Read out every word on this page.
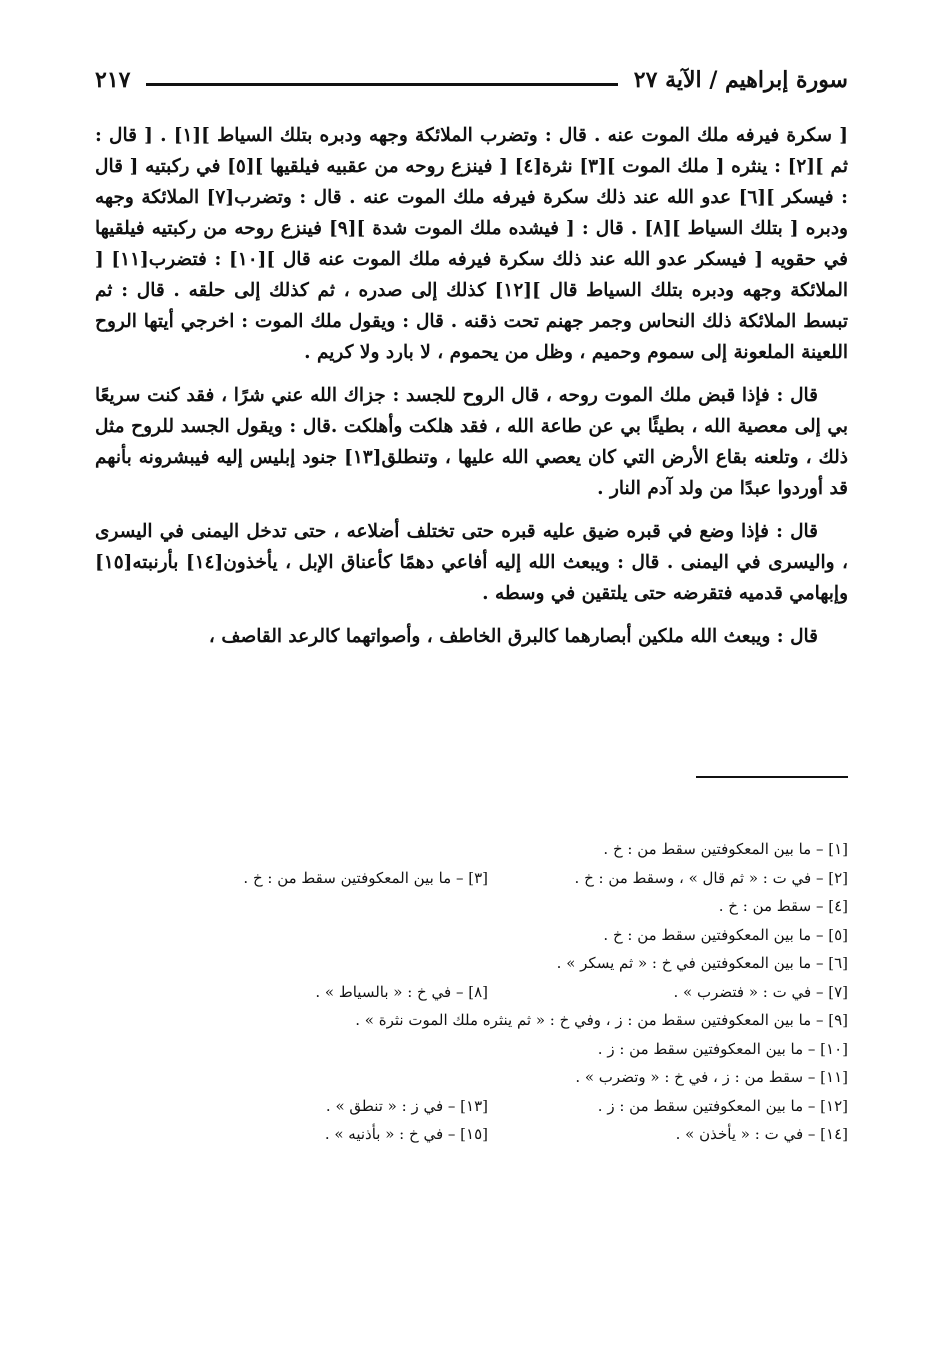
سورة إبراهيم / الآية ٢٧
٢١٧

[ سكرة فيرفه ملك الموت عنه . قال : وتضرب الملائكة وجهه ودبره بتلك السياط ][١] . [ قال : ثم ][٢] : ينثره [ ملك الموت ][٣] نثرة[٤] [ فينزع روحه من عقبيه فيلقيها ][٥] في ركبتيه [ قال : فيسكر ][٦] عدو الله عند ذلك سكرة فيرفه ملك الموت عنه . قال : وتضرب[٧] الملائكة وجهه ودبره [ بتلك السياط ][٨] . قال : [ فيشده ملك الموت شدة ][٩] فينزع روحه من ركبتيه فيلقيها في حقويه [ فيسكر عدو الله عند ذلك سكرة فيرفه ملك الموت عنه قال ][١٠] : فتضرب[١١] [ الملائكة وجهه ودبره بتلك السياط قال ][١٢] كذلك إلى صدره ، ثم كذلك إلى حلقه . قال : ثم تبسط الملائكة ذلك النحاس وجمر جهنم تحت ذقنه . قال : ويقول ملك الموت : اخرجي أيتها الروح اللعينة الملعونة إلى سموم وحميم ، وظل من يحموم ، لا بارد ولا كريم .

قال : فإذا قبض ملك الموت روحه ، قال الروح للجسد : جزاك الله عني شرًا ، فقد كنت سريعًا بي إلى معصية الله ، بطيئًا بي عن طاعة الله ، فقد هلكت وأهلكت .قال : ويقول الجسد للروح مثل ذلك ، وتلعنه بقاع الأرض التي كان يعصي الله عليها ، وتنطلق[١٣] جنود إبليس إليه فيبشرونه بأنهم قد أوردوا عبدًا من ولد آدم النار .

قال : فإذا وضع في قبره ضيق عليه قبره حتى تختلف أضلاعه ، حتى تدخل اليمنى في اليسرى ، واليسرى في اليمنى . قال : ويبعث الله إليه أفاعي دهمًا كأعناق الإبل ، يأخذون[١٤] بأرنبته[١٥] وإبهامي قدميه فتقرضه حتى يلتقين في وسطه .

قال : ويبعث الله ملكين أبصارهما كالبرق الخاطف ، وأصواتهما كالرعد القاصف ،

[١] – ما بين المعكوفتين سقط من : خ .
[٢] – في ت : « ثم قال » ، وسقط من : خ .
[٣] – ما بين المعكوفتين سقط من : خ .
[٤] – سقط من : خ .
[٥] – ما بين المعكوفتين سقط من : خ .
[٦] – ما بين المعكوفتين في خ : « ثم يسكر » .
[٧] – في ت : « فتضرب » .
[٨] – في خ : « بالسياط » .
[٩] – ما بين المعكوفتين سقط من : ز ، وفي خ : « ثم ينثره ملك الموت نثرة » .
[١٠] – ما بين المعكوفتين سقط من : ز .
[١١] – سقط من : ز ، في خ : « وتضرب » .
[١٢] – ما بين المعكوفتين سقط من : ز .
[١٣] – في ز : « تنطق » .
[١٤] – في ت : « يأخذن » .
[١٥] – في خ : « بأذنيه » .
